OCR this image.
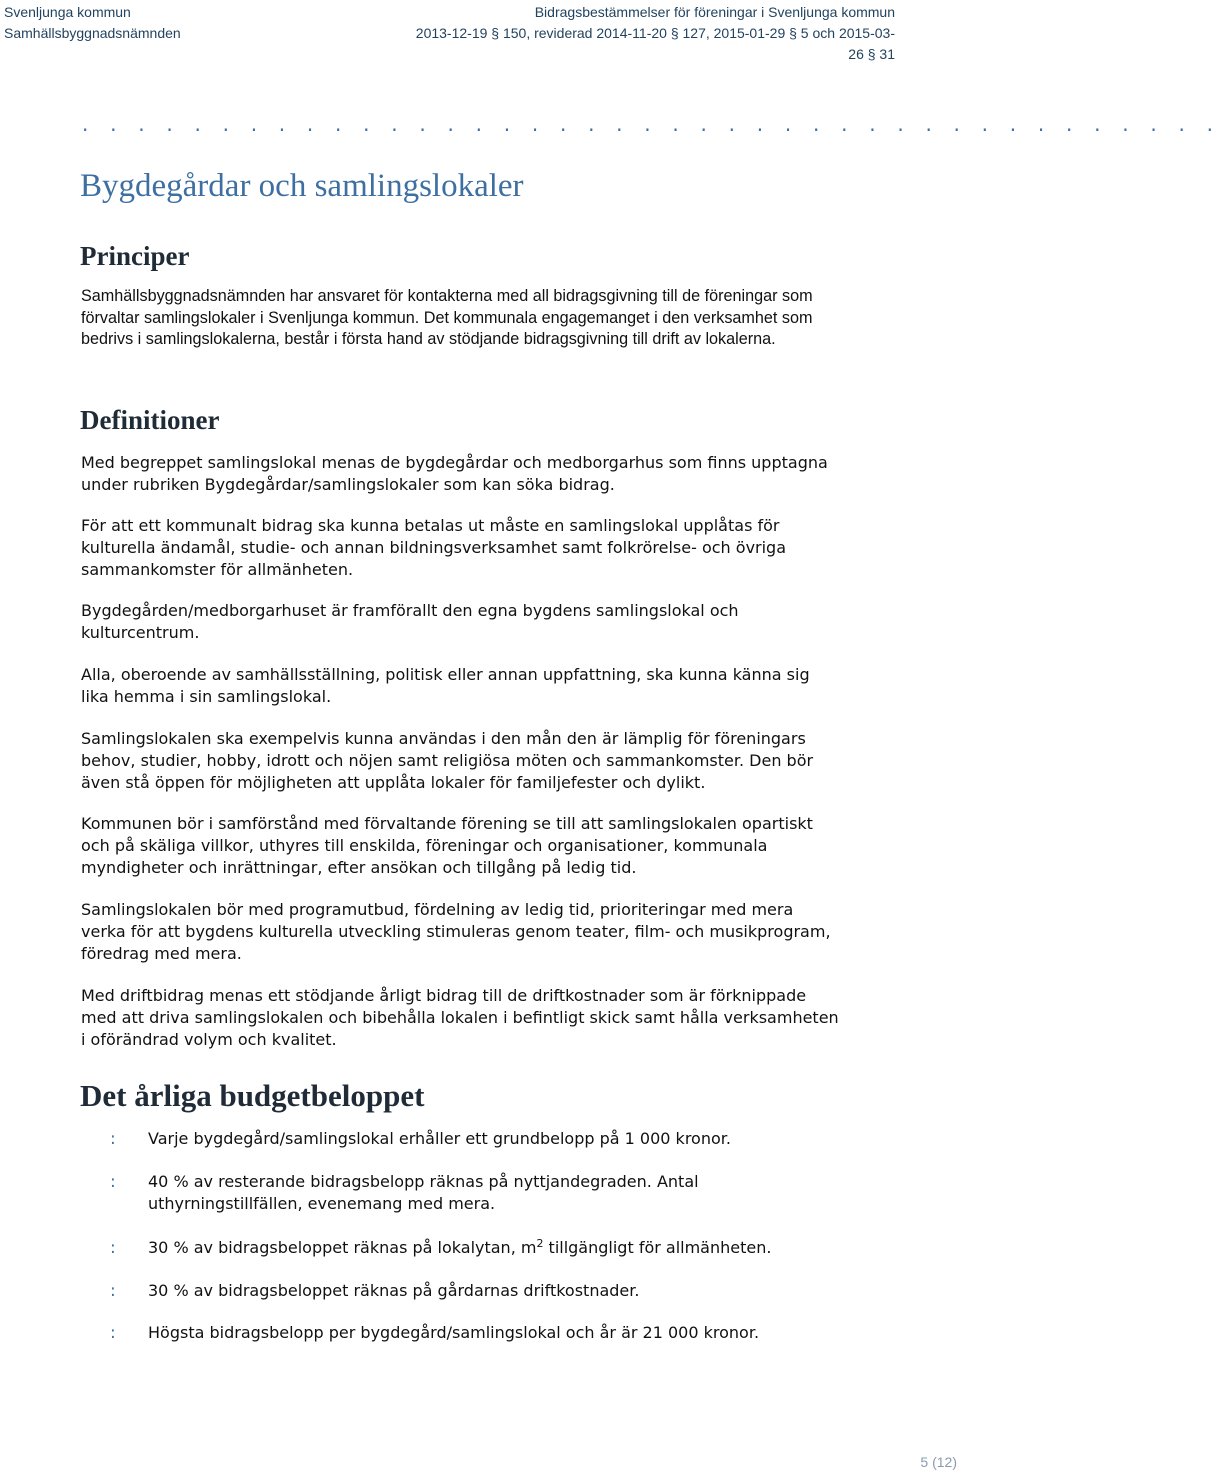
Svenljunga kommun
Samhällsbyggnadsnämnden
Bidragsbestämmelser för föreningar i Svenljunga kommun
2013-12-19 § 150, reviderad 2014-11-20 § 127, 2015-01-29 § 5 och 2015-03-
26 § 31
. . . . . . . . . . . . . . . . . . . . . . . . . . . . . . . . . . . . . . . . .
Bygdegårdar och samlingslokaler
Principer

Samhällsbyggnadsnämnden har ansvaret för kontakterna med all bidragsgivning till de föreningar som förvaltar samlingslokaler i Svenljunga kommun. Det kommunala engagemanget i den verksamhet som bedrivs i samlingslokalerna, består i första hand av stödjande bidragsgivning till drift av lokalerna.

Definitioner

Med begreppet samlingslokal menas de bygdegårdar och medborgarhus som finns upptagna under rubriken Bygdegårdar/samlingslokaler som kan söka bidrag.

För att ett kommunalt bidrag ska kunna betalas ut måste en samlingslokal upplåtas för kulturella ändamål, studie- och annan bildningsverksamhet samt folkrörelse- och övriga sammankomster för allmänheten.

Bygdegården/medborgarhuset är framförallt den egna bygdens samlingslokal och kulturcentrum.

Alla, oberoende av samhällsställning, politisk eller annan uppfattning, ska kunna känna sig lika hemma i sin samlingslokal.

Samlingslokalen ska exempelvis kunna användas i den mån den är lämplig för föreningars behov, studier, hobby, idrott och nöjen samt religiösa möten och sammankomster. Den bör även stå öppen för möjligheten att upplåta lokaler för familjefester och dylikt.

Kommunen bör i samförstånd med förvaltande förening se till att samlingslokalen opartiskt och på skäliga villkor, uthyres till enskilda, föreningar och organisationer, kommunala myndigheter och inrättningar, efter ansökan och tillgång på ledig tid.

Samlingslokalen bör med programutbud, fördelning av ledig tid, prioriteringar med mera verka för att bygdens kulturella utveckling stimuleras genom teater, film- och musikprogram, föredrag med mera.

Med driftbidrag menas ett stödjande årligt bidrag till de driftkostnader som är förknippade med att driva samlingslokalen och bibehålla lokalen i befintligt skick samt hålla verksamheten i oförändrad volym och kvalitet.

Det årliga budgetbeloppet
: Varje bygdegård/samlingslokal erhåller ett grundbelopp på 1 000 kronor.
: 40 % av resterande bidragsbelopp räknas på nyttjandegraden. Antal uthyrningstillfällen, evenemang med mera.
: 30 % av bidragsbeloppet räknas på lokalytan, $m^2$ tillgängligt för allmänheten.
: 30 % av bidragsbeloppet räknas på gårdarnas driftkostnader.
: Högsta bidragsbelopp per bygdegård/samlingslokal och år är 21 000 kronor.
5 (12)
